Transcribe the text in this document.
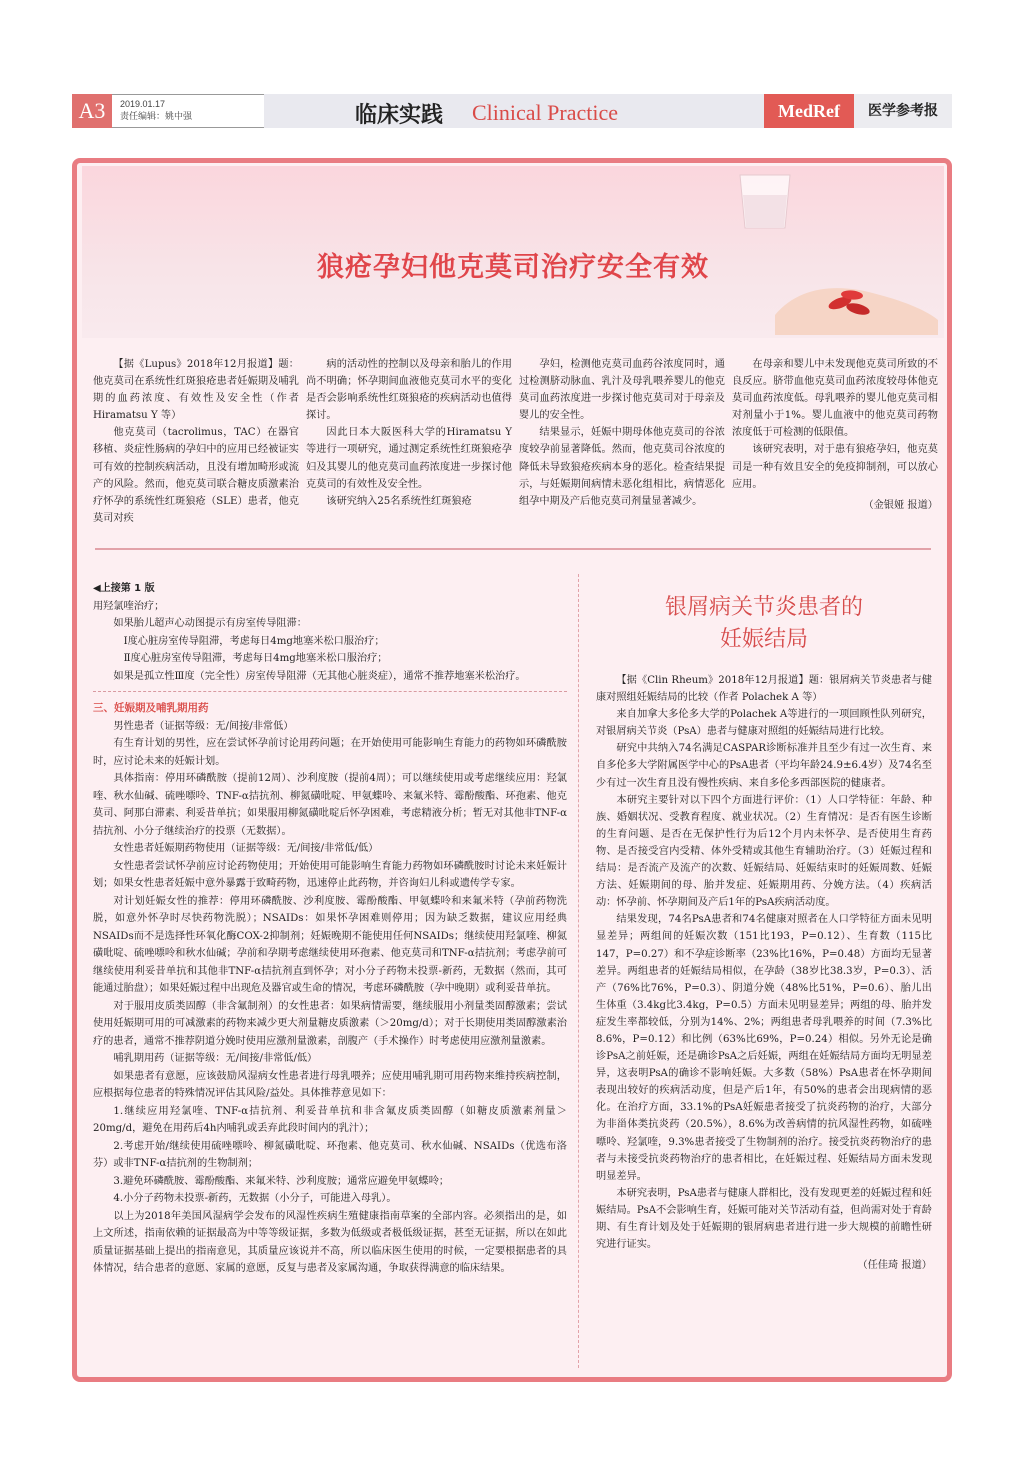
A3	2019.01.17
责任编辑：姚中强	临床实践 Clinical Practice	MedRef	医学参考报
狼疮孕妇他克莫司治疗安全有效

【据《Lupus》2018年12月报道】题：他克莫司在系统性红斑狼疮患者妊娠期及哺乳期的血药浓度、有效性及安全性（作者 Hiramatsu Y 等）

他克莫司（tacrolimus，TAC）在器官移植、炎症性肠病的孕妇中的应用已经被证实可有效的控制疾病活动，且没有增加畸形或流产的风险。然而，他克莫司联合糖皮质激素治疗怀孕的系统性红斑狼疮（SLE）患者，他克莫司对疾

病的活动性的控制以及母亲和胎儿的作用尚不明确；怀孕期间血液他克莫司水平的变化是否会影响系统性红斑狼疮的疾病活动也值得探讨。

因此日本大阪医科大学的Hiramatsu Y 等进行一项研究，通过测定系统性红斑狼疮孕妇及其婴儿的他克莫司血药浓度进一步探讨他克莫司的有效性及安全性。

该研究纳入25名系统性红斑狼疮

孕妇，检测他克莫司血药谷浓度同时，通过检测脐动脉血、乳汁及母乳喂养婴儿的他克莫司血药浓度进一步探讨他克莫司对于母亲及婴儿的安全性。

结果显示，妊娠中期母体他克莫司的谷浓度较孕前显著降低。然而，他克莫司谷浓度的降低未导致狼疮疾病本身的恶化。检查结果提示，与妊娠期间病情未恶化组相比，病情恶化组孕中期及产后他克莫司剂量显著减少。

在母亲和婴儿中未发现他克莫司所致的不良反应。脐带血他克莫司血药浓度较母体他克莫司血药浓度低。母乳喂养的婴儿他克莫司相对剂量小于1%。婴儿血液中的他克莫司药物浓度低于可检测的低限值。

该研究表明，对于患有狼疮孕妇，他克莫司是一种有效且安全的免疫抑制剂，可以放心应用。

（金银娅 报道）

◀上接第 1 版

用羟氯喹治疗；

如果胎儿超声心动图提示有房室传导阻滞：

Ⅰ度心脏房室传导阻滞，考虑每日4mg地塞米松口服治疗；

Ⅱ度心脏房室传导阻滞，考虑每日4mg地塞米松口服治疗；

如果是孤立性Ⅲ度（完全性）房室传导阻滞（无其他心脏炎症），通常不推荐地塞米松治疗。

三、妊娠期及哺乳期用药

男性患者（证据等级：无/间接/非常低）

有生育计划的男性，应在尝试怀孕前讨论用药问题；在开始使用可能影响生育能力的药物如环磷酰胺时，应讨论未来的妊娠计划。

具体指南：停用环磷酰胺（提前12周）、沙利度胺（提前4周）；可以继续使用或考虑继续应用：羟氯喹、秋水仙碱、硫唑嘌呤、TNF-α拮抗剂、柳氮磺吡啶、甲氨蝶呤、来氟米特、霉酚酸酯、环孢素、他克莫司、阿那白滞素、利妥昔单抗；如果服用柳氮磺吡啶后怀孕困难，考虑精液分析；暂无对其他非TNF-α拮抗剂、小分子继续治疗的投票（无数据）。

女性患者妊娠期药物使用（证据等级：无/间接/非常低/低）

女性患者尝试怀孕前应讨论药物使用；开始使用可能影响生育能力药物如环磷酰胺时讨论未来妊娠计划；如果女性患者妊娠中意外暴露于致畸药物，迅速停止此药物，并咨询妇儿科或遗传学专家。

对计划妊娠女性的推荐：停用环磷酰胺、沙利度胺、霉酚酸酯、甲氨蝶呤和来氟米特（孕前药物洗脱，如意外怀孕时尽快药物洗脱）；NSAIDs：如果怀孕困难则停用；因为缺乏数据，建议应用经典NSAIDs而不是选择性环氧化酶COX-2抑制剂；妊娠晚期不能使用任何NSAIDs；继续使用羟氯喹、柳氮磺吡啶、硫唑嘌呤和秋水仙碱；孕前和孕期考虑继续使用环孢素、他克莫司和TNF-α拮抗剂；考虑孕前可继续使用利妥昔单抗和其他非TNF-α拮抗剂直到怀孕；对小分子药物未投票-新药，无数据（然而，其可能通过胎盘）；如果妊娠过程中出现危及器官或生命的情况，考虑环磷酰胺（孕中晚期）或利妥昔单抗。

对于服用皮质类固醇（非含氟制剂）的女性患者：如果病情需要，继续服用小剂量类固醇激素；尝试使用妊娠期可用的可减激素的药物来减少更大剂量糖皮质激素（＞20mg/d）；对于长期使用类固醇激素治疗的患者，通常不推荐阴道分娩时使用应激剂量激素，剖腹产（手术操作）时考虑使用应激剂量激素。

哺乳期用药（证据等级：无/间接/非常低/低）

如果患者有意愿，应该鼓励风湿病女性患者进行母乳喂养；应使用哺乳期可用药物来维持疾病控制，应根据每位患者的特殊情况评估其风险/益处。具体推荐意见如下：

1.继续应用羟氯喹、TNF-α拮抗剂、利妥昔单抗和非含氟皮质类固醇（如糖皮质激素剂量＞20mg/d，避免在用药后4h内哺乳或丢弃此段时间内的乳汁）；

2.考虑开始/继续使用硫唑嘌呤、柳氮磺吡啶、环孢素、他克莫司、秋水仙碱、NSAIDs（优选布洛芬）或非TNF-α拮抗剂的生物制剂；

3.避免环磷酰胺、霉酚酸酯、来氟米特、沙利度胺；通常应避免甲氨蝶呤；

4.小分子药物未投票-新药，无数据（小分子，可能进入母乳）。

以上为2018年美国风湿病学会发布的风湿性疾病生殖健康指南草案的全部内容。必须指出的是，如上文所述，指南依赖的证据最高为中等等级证据，多数为低级或者极低级证据，甚至无证据，所以在如此质量证据基础上提出的指南意见，其质量应该说并不高，所以临床医生使用的时候，一定要根据患者的具体情况，结合患者的意愿、家属的意愿，反复与患者及家属沟通，争取获得满意的临床结果。

银屑病关节炎患者的
妊娠结局

【据《Clin Rheum》2018年12月报道】题：银屑病关节炎患者与健康对照组妊娠结局的比较（作者 Polachek A 等）

来自加拿大多伦多大学的Polachek A等进行的一项回顾性队列研究，对银屑病关节炎（PsA）患者与健康对照组的妊娠结局进行比较。

研究中共纳入74名满足CASPAR诊断标准并且至少有过一次生育、来自多伦多大学附属医学中心的PsA患者（平均年龄24.9±6.4岁）及74名至少有过一次生育且没有慢性疾病、来自多伦多西部医院的健康者。

本研究主要针对以下四个方面进行评价：（1）人口学特征：年龄、种族、婚姻状况、受教育程度、就业状况。（2）生育情况：是否有医生诊断的生育问题、是否在无保护性行为后12个月内未怀孕、是否使用生育药物、是否接受宫内受精、体外受精或其他生育辅助治疗。（3）妊娠过程和结局：是否流产及流产的次数、妊娠结局、妊娠结束时的妊娠周数、妊娠方法、妊娠期间的母、胎并发症、妊娠期用药、分娩方法。（4）疾病活动：怀孕前、怀孕期间及产后1年的PsA疾病活动度。

结果发现，74名PsA患者和74名健康对照者在人口学特征方面未见明显差异；两组间的妊娠次数（151比193，P=0.12）、生育数（115比147，P=0.27）和不孕症诊断率（23%比16%，P=0.48）方面均无显著差异。两组患者的妊娠结局相似，在孕龄（38岁比38.3岁，P=0.3）、活产（76%比76%，P=0.3）、阴道分娩（48%比51%，P=0.6）、胎儿出生体重（3.4kg比3.4kg，P=0.5）方面未见明显差异；两组的母、胎并发症发生率都较低，分别为14%、2%；两组患者母乳喂养的时间（7.3%比8.6%，P=0.12）和比例（63%比69%，P=0.24）相似。另外无论是确诊PsA之前妊娠，还是确诊PsA之后妊娠，两组在妊娠结局方面均无明显差异，这表明PsA的确诊不影响妊娠。大多数（58%）PsA患者在怀孕期间表现出较好的疾病活动度，但是产后1年，有50%的患者会出现病情的恶化。在治疗方面，33.1%的PsA妊娠患者接受了抗炎药物的治疗，大部分为非甾体类抗炎药（20.5%），8.6%为改善病情的抗风湿性药物，如硫唑嘌呤、羟氯喹，9.3%患者接受了生物制剂的治疗。接受抗炎药物治疗的患者与未接受抗炎药物治疗的患者相比，在妊娠过程、妊娠结局方面未发现明显差异。

本研究表明，PsA患者与健康人群相比，没有发现更差的妊娠过程和妊娠结局。PsA不会影响生育，妊娠可能对关节活动有益，但尚需对处于育龄期、有生育计划及处于妊娠期的银屑病患者进行进一步大规模的前瞻性研究进行证实。

（任佳琦 报道）
